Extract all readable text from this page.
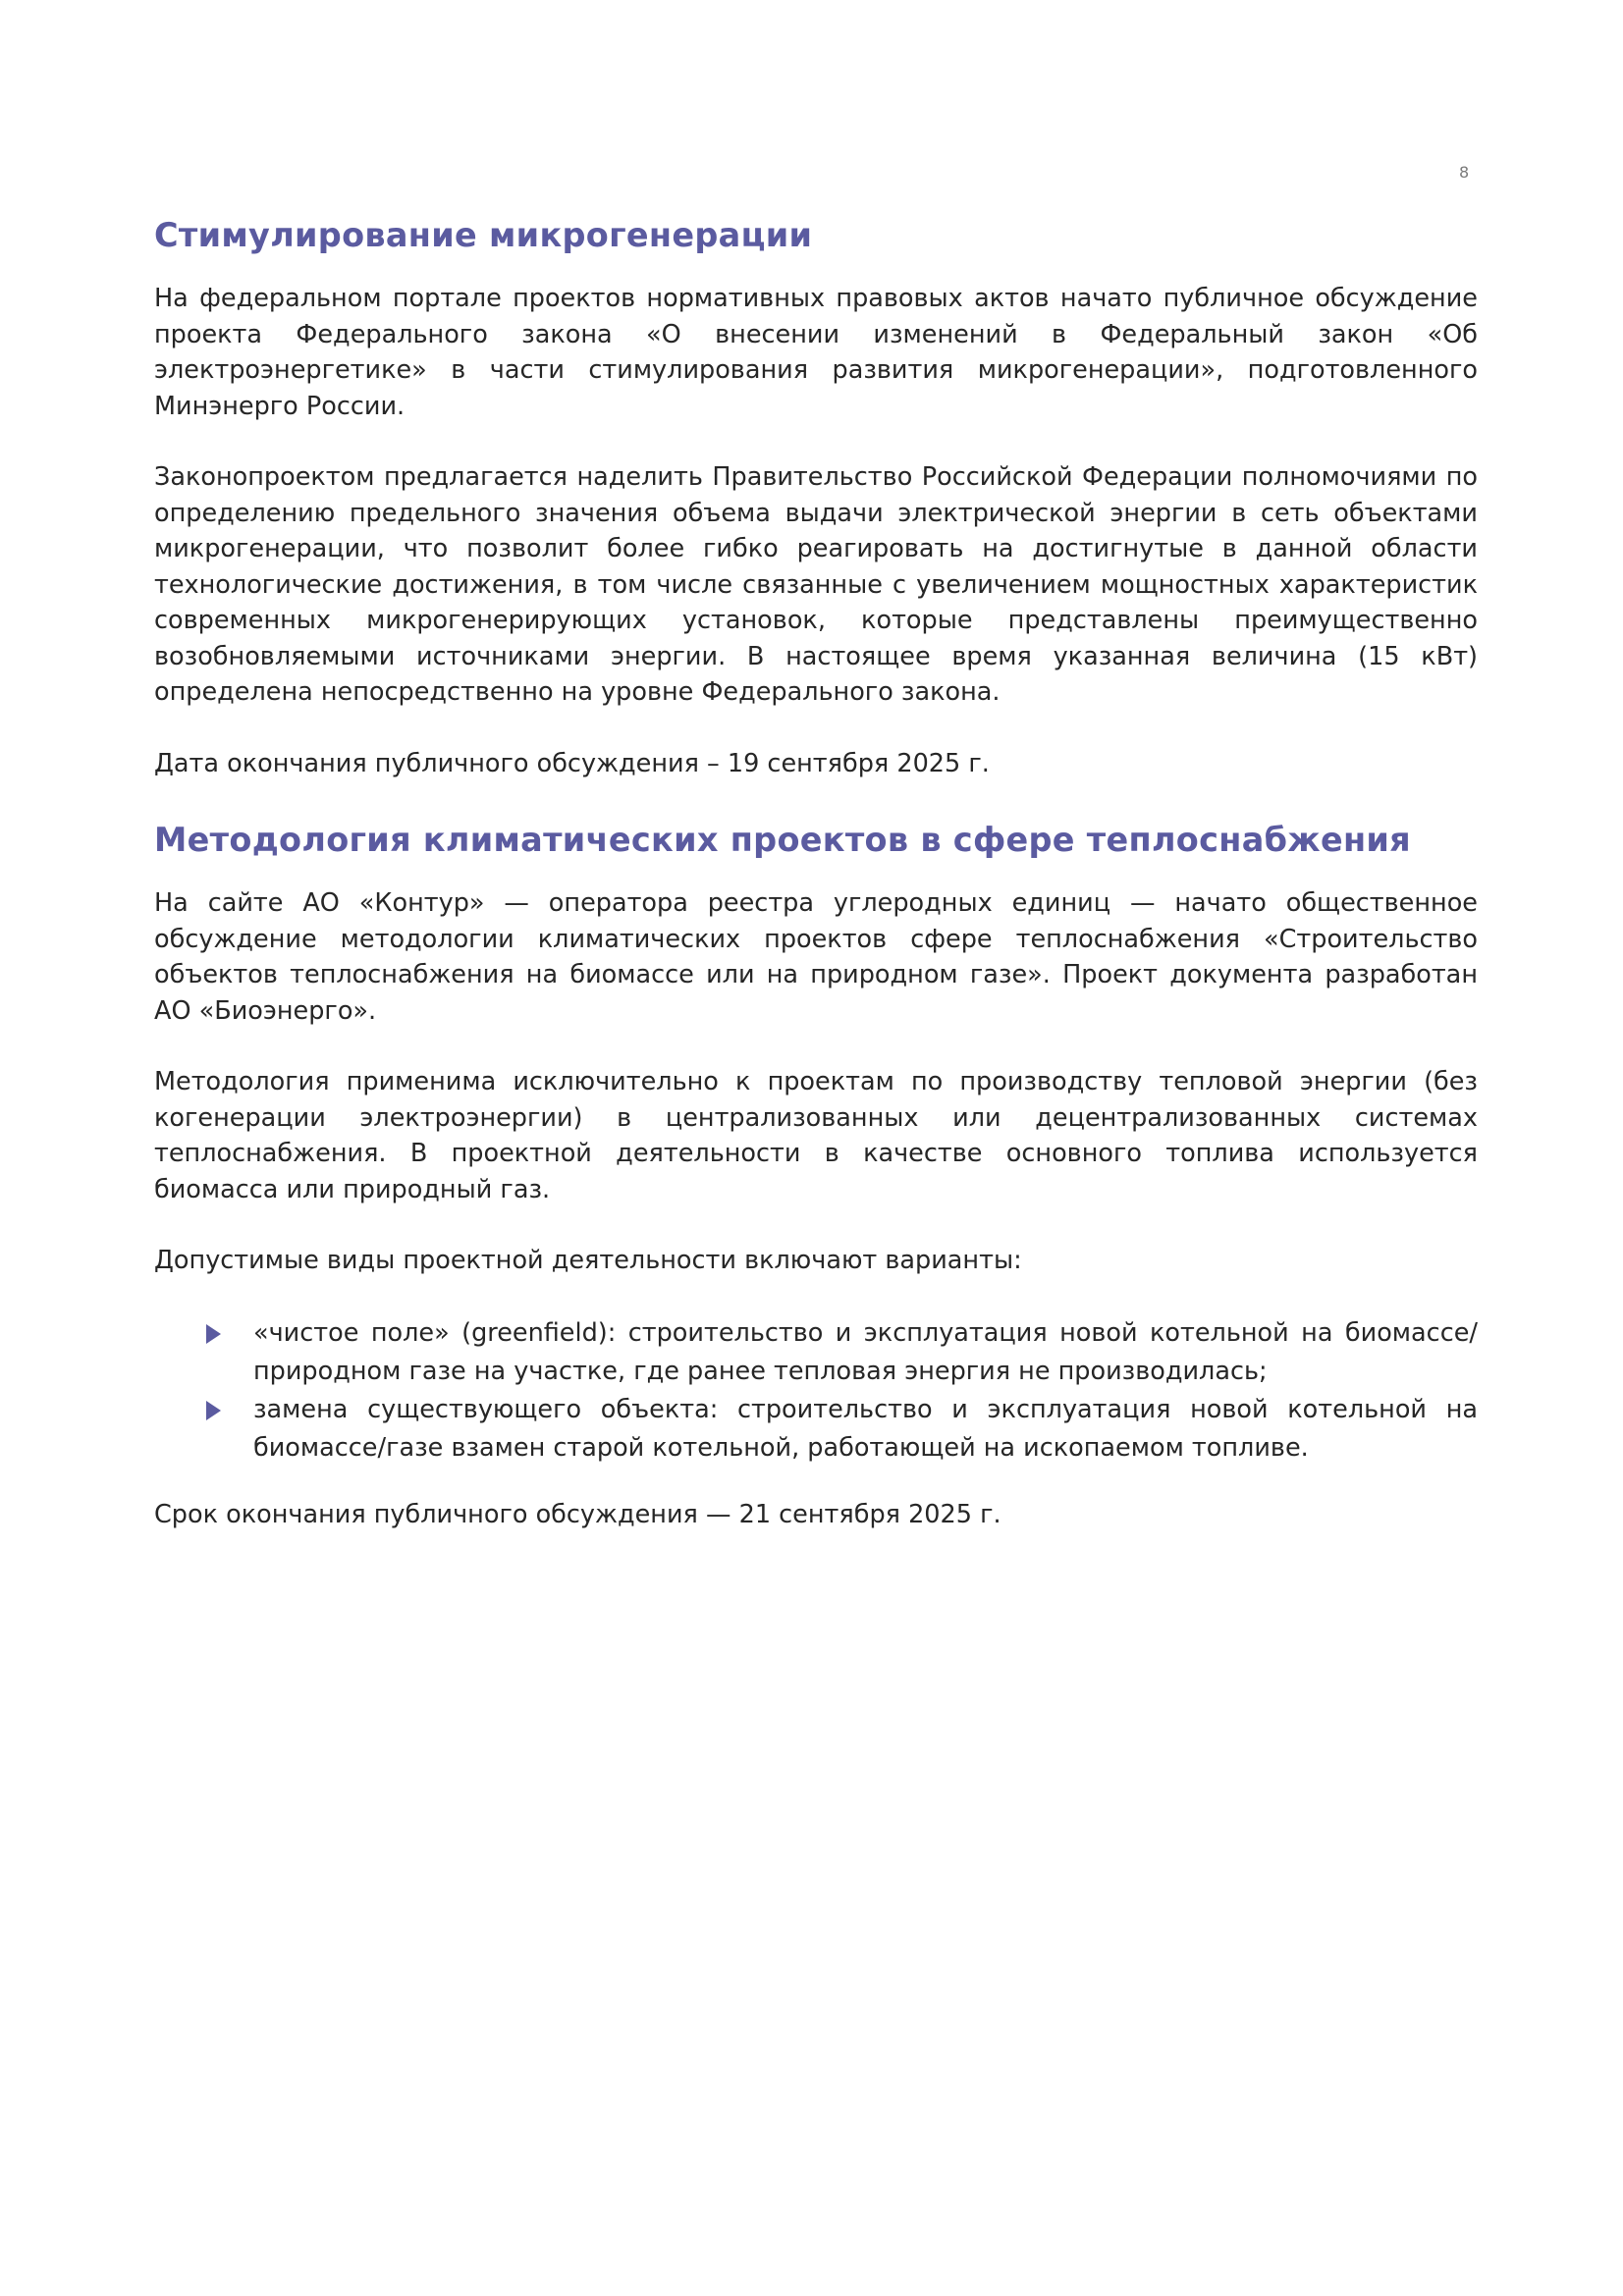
8
Стимулирование микрогенерации

На федеральном портале проектов нормативных правовых актов начато публичное обсуждение проекта Федерального закона «О внесении изменений в Федеральный закон «Об электроэнергетике» в части стимулирования развития микрогенерации», подготовленного Минэнерго России.

Законопроектом предлагается наделить Правительство Российской Федерации полномочиями по определению предельного значения объема выдачи электрической энергии в сеть объектами микрогенерации, что позволит более гибко реагировать на достигнутые в данной области технологические достижения, в том числе связанные с увеличением мощностных характеристик современных микрогенерирующих установок, которые представлены преимущественно возобновляемыми источниками энергии. В настоящее время указанная величина (15 кВт) определена непосредственно на уровне Федерального закона.

Дата окончания публичного обсуждения – 19 сентября 2025 г.

Методология климатических проектов в сфере теплоснабжения

На сайте АО «Контур» — оператора реестра углеродных единиц — начато общественное обсуждение методологии климатических проектов сфере теплоснабжения «Строительство объектов теплоснабжения на биомассе или на природном газе». Проект документа разработан АО «Биоэнерго».

Методология применима исключительно к проектам по производству тепловой энергии (без когенерации электроэнергии) в централизованных или децентрализованных системах теплоснабжения. В проектной деятельности в качестве основного топлива используется биомасса или природный газ.

Допустимые виды проектной деятельности включают варианты:

«чистое поле» (greenfield): строительство и эксплуатация новой котельной на биомассе/природном газе на участке, где ранее тепловая энергия не производилась;
замена существующего объекта: строительство и эксплуатация новой котельной на биомассе/газе взамен старой котельной, работающей на ископаемом топливе.

Срок окончания публичного обсуждения — 21 сентября 2025 г.
